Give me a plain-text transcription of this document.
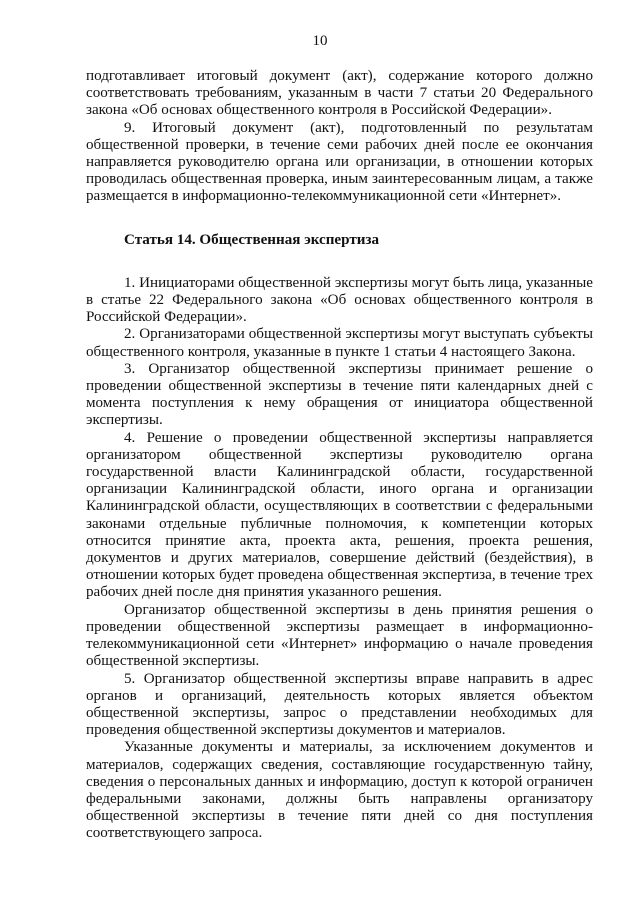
10

подготавливает итоговый документ (акт), содержание которого должно соответствовать требованиям, указанным в части 7 статьи 20 Федерального закона «Об основах общественного контроля в Российской Федерации».

9. Итоговый документ (акт), подготовленный по результатам общественной проверки, в течение семи рабочих дней после ее окончания направляется руководителю органа или организации, в отношении которых проводилась общественная проверка, иным заинтересованным лицам, а также размещается в информационно-телекоммуникационной сети «Интернет».

Статья 14. Общественная экспертиза

1. Инициаторами общественной экспертизы могут быть лица, указанные в статье 22 Федерального закона «Об основах общественного контроля в Российской Федерации».

2. Организаторами общественной экспертизы могут выступать субъекты общественного контроля, указанные в пункте 1 статьи 4 настоящего Закона.

3. Организатор общественной экспертизы принимает решение о проведении общественной экспертизы в течение пяти календарных дней с момента поступления к нему обращения от инициатора общественной экспертизы.

4. Решение о проведении общественной экспертизы направляется организатором общественной экспертизы руководителю органа государственной власти Калининградской области, государственной организации Калининградской области, иного органа и организации Калининградской области, осуществляющих в соответствии с федеральными законами отдельные публичные полномочия, к компетенции которых относится принятие акта, проекта акта, решения, проекта решения, документов и других материалов, совершение действий (бездействия), в отношении которых будет проведена общественная экспертиза, в течение трех рабочих дней после дня принятия указанного решения.

Организатор общественной экспертизы в день принятия решения о проведении общественной экспертизы размещает в информационно-телекоммуникационной сети «Интернет» информацию о начале проведения общественной экспертизы.

5. Организатор общественной экспертизы вправе направить в адрес органов и организаций, деятельность которых является объектом общественной экспертизы, запрос о представлении необходимых для проведения общественной экспертизы документов и материалов.

Указанные документы и материалы, за исключением документов и материалов, содержащих сведения, составляющие государственную тайну, сведения о персональных данных и информацию, доступ к которой ограничен федеральными законами, должны быть направлены организатору общественной экспертизы в течение пяти дней со дня поступления соответствующего запроса.
